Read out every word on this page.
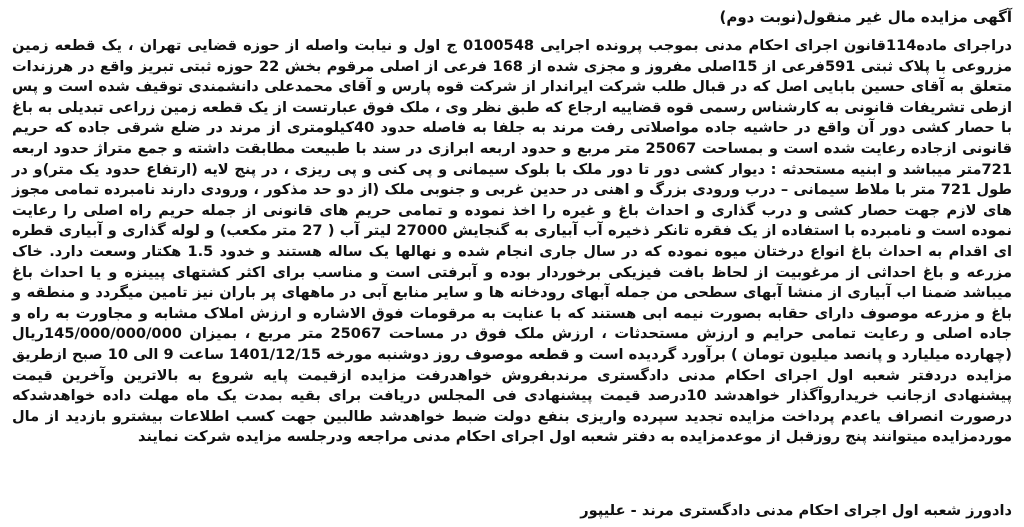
آگهی مزایده مال غیر منقول(نوبت دوم)

دراجرای ماده114قانون اجرای احکام مدنی بموجب پرونده اجرایی 0100548 ج اول و نیابت واصله از حوزه قضایی تهران ، یک قطعه زمین مزروعی با پلاک ثبتی 591فرعی از 15اصلی مفروز و مجزی شده از 168 فرعی از اصلی مرقوم بخش 22 حوزه ثبتی تبریز واقع در هرزندات متعلق به آقای حسین بابایی اصل که در قبال طلب شرکت ایراندار از شرکت قوه پارس و آقای محمدعلی دانشمندی توقیف شده است و پس ازطی تشریفات قانونی به کارشناس رسمی قوه قضاییه ارجاع که طبق نظر وی ، ملک فوق عبارتست از یک قطعه زمین زراعی تبدیلی به باغ با حصار کشی دور آن واقع در حاشیه جاده مواصلاتی رفت مرند به جلفا به فاصله حدود 40کیلومتری از مرند در ضلع شرقی جاده که حریم قانونی ازجاده رعایت شده است و بمساحت 25067 متر مربع و حدود اربعه ابرازی در سند با طبیعت مطابقت داشته و جمع متراژ حدود اربعه 721متر میباشد و ابنیه مستحدثه : دیوار کشی دور تا دور ملک با بلوک سیمانی و پی کنی و پی ریزی ، در پنج لایه (ارتفاع حدود یک متر)و در طول 721 متر با ملاط سیمانی – درب ورودی بزرگ و اهنی در حدین غربی و جنوبی ملک (از دو حد مذکور ، ورودی دارند نامبرده تمامی مجوز های لازم جهت حصار کشی و درب گذاری و احداث باغ و غیره را اخذ نموده و تمامی حریم های قانونی از جمله حریم راه اصلی را رعایت نموده است و نامبرده با استفاده از یک فقره تانکر ذخیره آب آبیاری به گنجایش 27000 لیتر آب ( 27 متر مکعب) و لوله گذاری و آبیاری قطره ای اقدام به احداث باغ انواع درختان میوه نموده که در سال جاری انجام شده و نهالها یک ساله هستند و خدود 1.5 هکتار وسعت دارد. خاک مزرعه و باغ احداثی از مرغوبیت از لحاظ بافت فیزیکی برخوردار بوده و آبرفتی است و مناسب برای اکثر کشتهای پیینزه و یا احداث باغ میباشد ضمنا اب آبیاری از منشا آبهای سطحی من جمله آبهای رودخانه ها و سایر منابع آبی در ماههای پر باران نیز تامین میگردد و منطقه و باغ و مزرعه موصوف دارای حقابه بصورت نیمه ابی هستند که با عنایت به مرقومات فوق الاشاره و ارزش املاک مشابه و مجاورت به راه و جاده اصلی و رعایت تمامی حرایم و ارزش مستحدثات ، ارزش ملک فوق در مساحت 25067 متر مربع ، بمیزان 145/000/000/000ریال (چهارده میلیارد و پانصد میلیون تومان ) برآورد گردیده است و قطعه موصوف روز دوشنبه مورخه 1401/12/15 ساعت 9 الی 10 صبح ازطریق مزایده دردفتر شعبه اول اجرای احکام مدنی دادگستری مرندبفروش خواهدرفت مزایده ازقیمت پایه شروع به بالاترین وآخرین قیمت پیشنهادی ازجانب خریداروآگذار خواهدشد 10درصد قیمت پیشنهادی فی المجلس دریافت برای بقیه بمدت یک ماه مهلت داده خواهدشدکه درصورت انصراف یاعدم پرداخت مزایده تجدید سپرده واریزی بنفع دولت ضبط خواهدشد طالبین جهت کسب اطلاعات بیشترو بازدید از مال موردمزایده میتوانند پنج روزقبل از موعدمزایده به دفتر شعبه اول اجرای احکام مدنی مراجعه ودرجلسه مزایده شرکت نمایند

دادورز شعبه اول اجرای احکام مدنی دادگستری مرند - علیپور
